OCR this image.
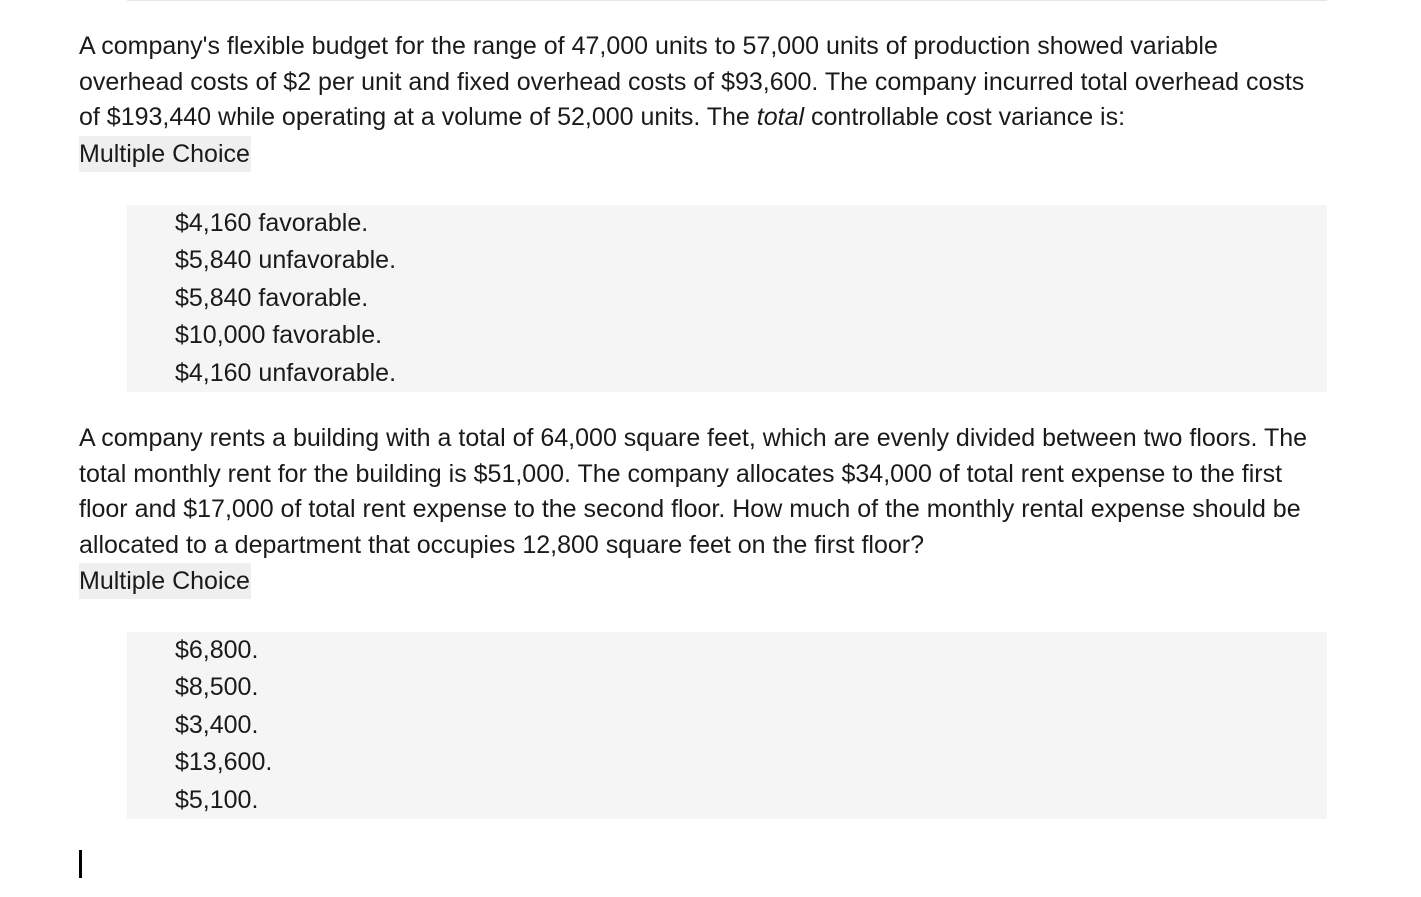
A company's flexible budget for the range of 47,000 units to 57,000 units of production showed variable overhead costs of $2 per unit and fixed overhead costs of $93,600. The company incurred total overhead costs of $193,440 while operating at a volume of 52,000 units. The total controllable cost variance is:

Multiple Choice
$4,160 favorable.
$5,840 unfavorable.
$5,840 favorable.
$10,000 favorable.
$4,160 unfavorable.

A company rents a building with a total of 64,000 square feet, which are evenly divided between two floors. The total monthly rent for the building is $51,000. The company allocates $34,000 of total rent expense to the first floor and $17,000 of total rent expense to the second floor. How much of the monthly rental expense should be allocated to a department that occupies 12,800 square feet on the first floor?

Multiple Choice
$6,800.
$8,500.
$3,400.
$13,600.
$5,100.
